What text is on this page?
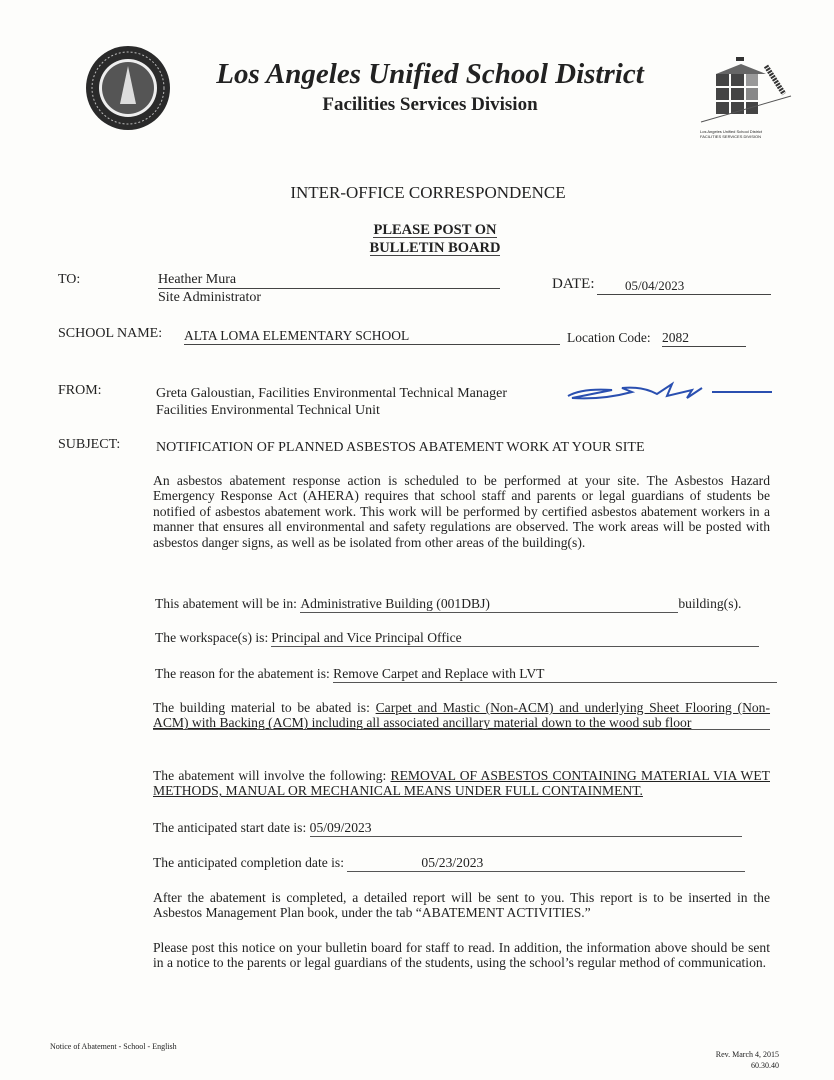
Los Angeles Unified School District
Facilities Services Division
Los Angeles Unified School District
FACILITIES SERVICES DIVISION
INTER-OFFICE CORRESPONDENCE
PLEASE POST ON
BULLETIN BOARD
TO:	Heather Mura
Site Administrator
DATE:	05/04/2023
SCHOOL NAME: ALTA LOMA ELEMENTARY SCHOOL	Location Code: 2082
FROM:	Greta Galoustian, Facilities Environmental Technical Manager
Facilities Environmental Technical Unit
SUBJECT:	NOTIFICATION OF PLANNED ASBESTOS ABATEMENT WORK AT YOUR SITE
An asbestos abatement response action is scheduled to be performed at your site. The Asbestos Hazard Emergency Response Act (AHERA) requires that school staff and parents or legal guardians of students be notified of asbestos abatement work. This work will be performed by certified asbestos abatement workers in a manner that ensures all environmental and safety regulations are observed. The work areas will be posted with asbestos danger signs, as well as be isolated from other areas of the building(s).
This abatement will be in: Administrative Building (001DBJ)	building(s).
The workspace(s) is: Principal and Vice Principal Office
The reason for the abatement is: Remove Carpet and Replace with LVT
The building material to be abated is: Carpet and Mastic (Non-ACM) and underlying Sheet Flooring (Non-ACM) with Backing (ACM) including all associated ancillary material down to the wood sub floor
The abatement will involve the following: REMOVAL OF ASBESTOS CONTAINING MATERIAL VIA WET METHODS, MANUAL OR MECHANICAL MEANS UNDER FULL CONTAINMENT.
The anticipated start date is: 05/09/2023
The anticipated completion date is:	05/23/2023
After the abatement is completed, a detailed report will be sent to you. This report is to be inserted in the Asbestos Management Plan book, under the tab “ABATEMENT ACTIVITIES.”
Please post this notice on your bulletin board for staff to read. In addition, the information above should be sent in a notice to the parents or legal guardians of the students, using the school’s regular method of communication.
Notice of Abatement - School - English
Rev. March 4, 2015
60.30.40
